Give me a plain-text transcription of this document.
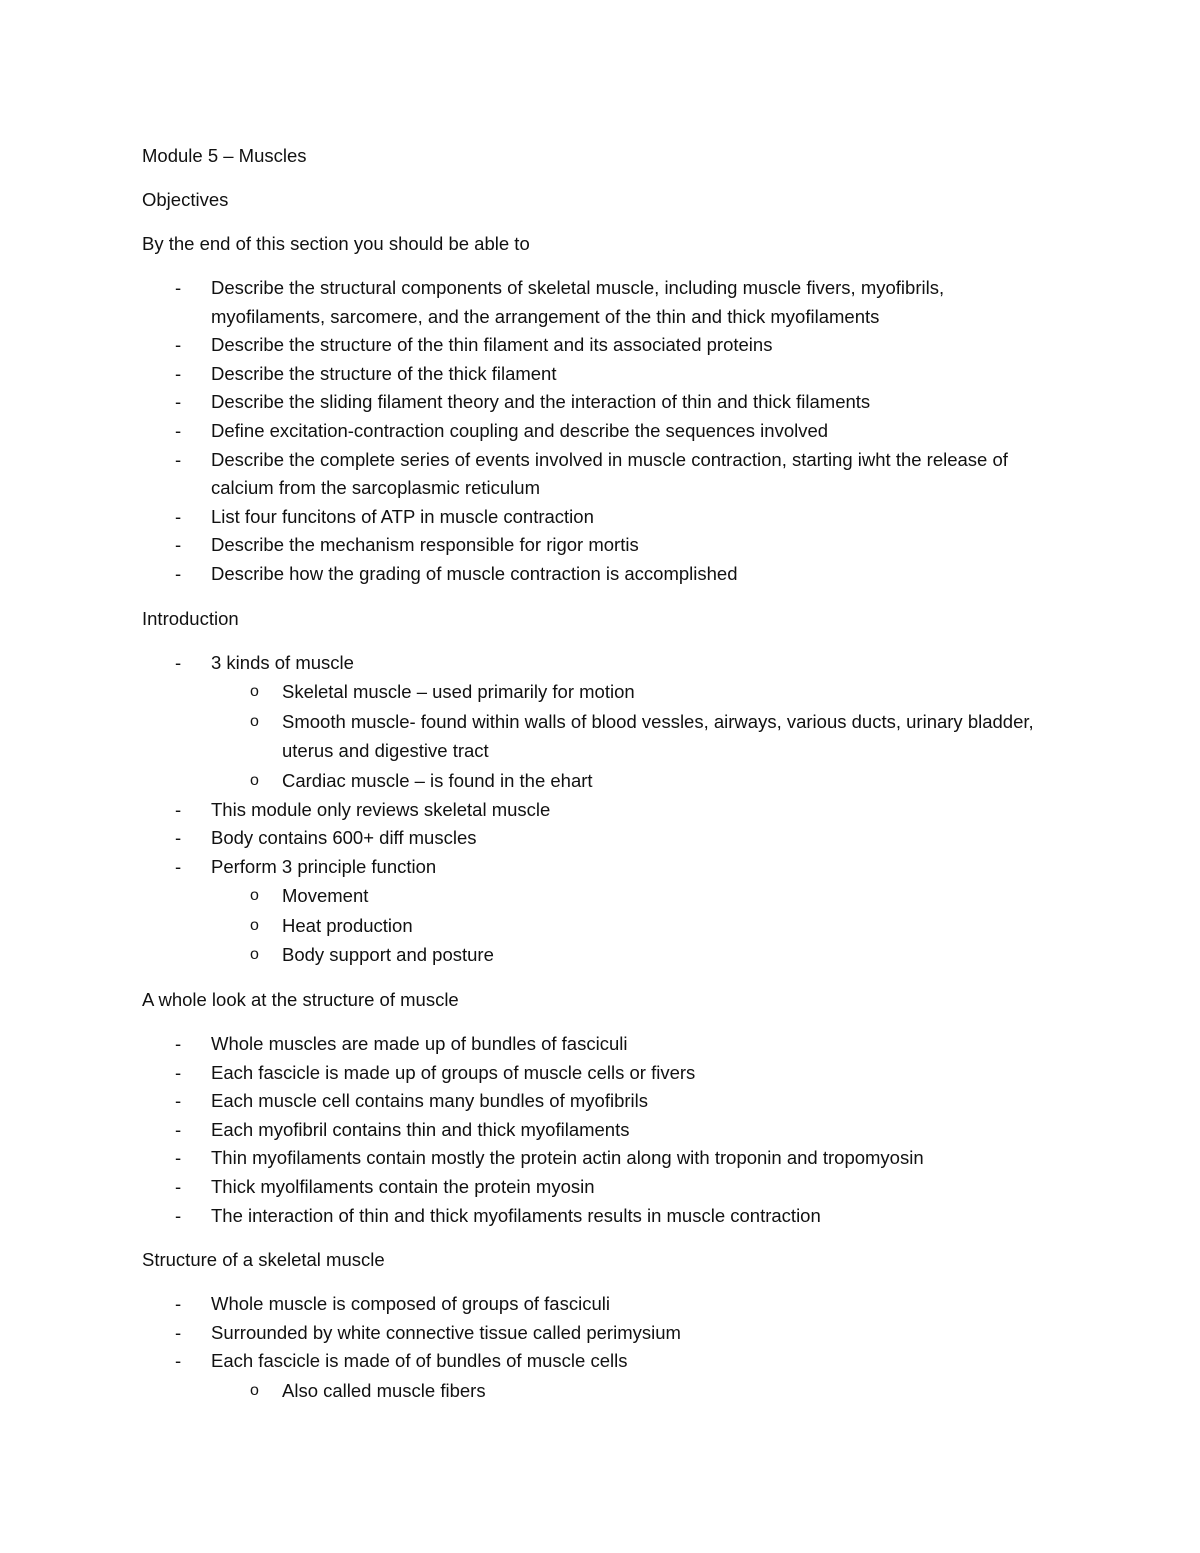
Module 5 – Muscles

Objectives

By the end of this section you should be able to

- Describe the structural components of skeletal muscle, including muscle fivers, myofibrils, myofilaments, sarcomere, and the arrangement of the thin and thick myofilaments
- Describe the structure of the thin filament and its associated proteins
- Describe the structure of the thick filament
- Describe the sliding filament theory and the interaction of thin and thick filaments
- Define excitation-contraction coupling and describe the sequences involved
- Describe the complete series of events involved in muscle contraction, starting iwht the release of calcium from the sarcoplasmic reticulum
- List four funcitons of ATP in muscle contraction
- Describe the mechanism responsible for rigor mortis
- Describe how the grading of muscle contraction is accomplished

Introduction

- 3 kinds of muscle
o Skeletal muscle – used primarily for motion
o Smooth muscle- found within walls of blood vessles, airways, various ducts, urinary bladder, uterus and digestive tract
o Cardiac muscle – is found in the ehart
- This module only reviews skeletal muscle
- Body contains 600+ diff muscles
- Perform 3 principle function
o Movement
o Heat production
o Body support and posture

A whole look at the structure of muscle

- Whole muscles are made up of bundles of fasciculi
- Each fascicle is made up of groups of muscle cells or fivers
- Each muscle cell contains many bundles of myofibrils
- Each myofibril contains thin and thick myofilaments
- Thin myofilaments contain mostly the protein actin along with troponin and tropomyosin
- Thick myolfilaments contain the protein myosin
- The interaction of thin and thick myofilaments results in muscle contraction

Structure of a skeletal muscle

- Whole muscle is composed of groups of fasciculi
- Surrounded by white connective tissue called perimysium
- Each fascicle is made of of bundles of muscle cells
o Also called muscle fibers
